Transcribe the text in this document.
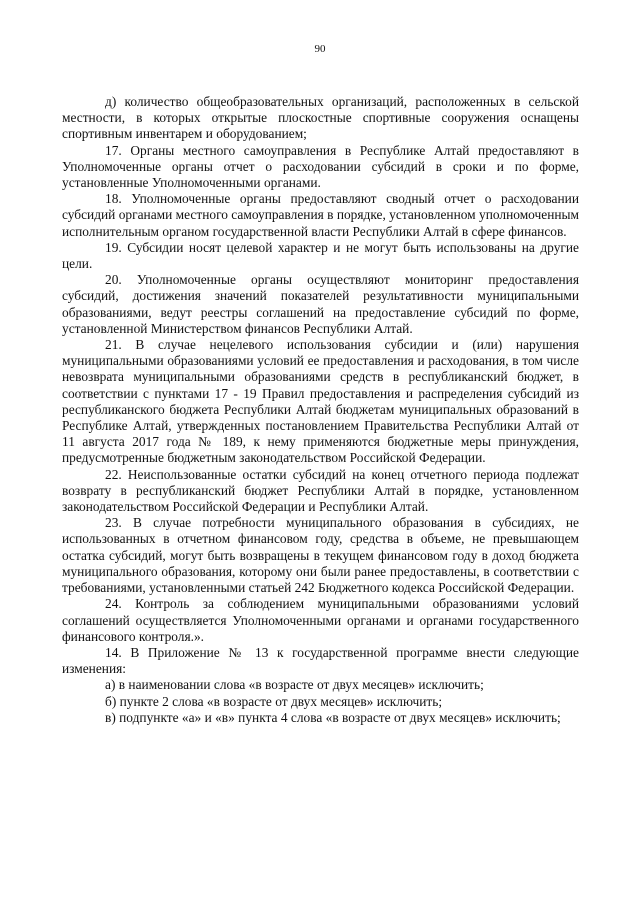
90

д) количество общеобразовательных организаций, расположенных в сельской местности, в которых открытые плоскостные спортивные сооружения оснащены спортивным инвентарем и оборудованием;

17. Органы местного самоуправления в Республике Алтай предоставляют в Уполномоченные органы отчет о расходовании субсидий в сроки и по форме, установленные Уполномоченными органами.

18. Уполномоченные органы предоставляют сводный отчет о расходовании субсидий органами местного самоуправления в порядке, установленном уполномоченным исполнительным органом государственной власти Республики Алтай в сфере финансов.

19. Субсидии носят целевой характер и не могут быть использованы на другие цели.

20. Уполномоченные органы осуществляют мониторинг предоставления субсидий, достижения значений показателей результативности муниципальными образованиями, ведут реестры соглашений на предоставление субсидий по форме, установленной Министерством финансов Республики Алтай.

21. В случае нецелевого использования субсидии и (или) нарушения муниципальными образованиями условий ее предоставления и расходования, в том числе невозврата муниципальными образованиями средств в республиканский бюджет, в соответствии с пунктами 17 - 19 Правил предоставления и распределения субсидий из республиканского бюджета Республики Алтай бюджетам муниципальных образований в Республике Алтай, утвержденных постановлением Правительства Республики Алтай от 11 августа 2017 года № 189, к нему применяются бюджетные меры принуждения, предусмотренные бюджетным законодательством Российской Федерации.

22. Неиспользованные остатки субсидий на конец отчетного периода подлежат возврату в республиканский бюджет Республики Алтай в порядке, установленном законодательством Российской Федерации и Республики Алтай.

23. В случае потребности муниципального образования в субсидиях, не использованных в отчетном финансовом году, средства в объеме, не превышающем остатка субсидий, могут быть возвращены в текущем финансовом году в доход бюджета муниципального образования, которому они были ранее предоставлены, в соответствии с требованиями, установленными статьей 242 Бюджетного кодекса Российской Федерации.

24. Контроль за соблюдением муниципальными образованиями условий соглашений осуществляется Уполномоченными органами и органами государственного финансового контроля.».

14. В Приложение № 13 к государственной программе внести следующие изменения:

а) в наименовании слова «в возрасте от двух месяцев» исключить;

б) пункте 2 слова «в возрасте от двух месяцев» исключить;

в) подпункте «а» и «в» пункта 4 слова «в возрасте от двух месяцев» исключить;
